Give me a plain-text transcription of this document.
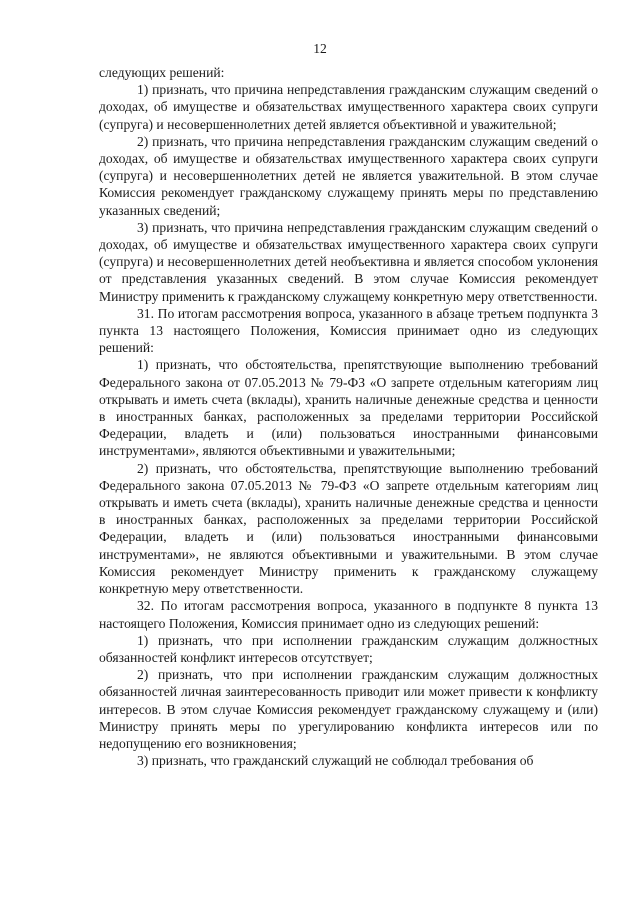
12

следующих решений:

1) признать, что причина непредставления гражданским служащим сведений о доходах, об имуществе и обязательствах имущественного характера своих супруги (супруга) и несовершеннолетних детей является объективной и уважительной;

2) признать, что причина непредставления гражданским служащим сведений о доходах, об имуществе и обязательствах имущественного характера своих супруги (супруга) и несовершеннолетних детей не является уважительной. В этом случае Комиссия рекомендует гражданскому служащему принять меры по представлению указанных сведений;

3) признать, что причина непредставления гражданским служащим сведений о доходах, об имуществе и обязательствах имущественного характера своих супруги (супруга) и несовершеннолетних детей необъективна и является способом уклонения от представления указанных сведений. В этом случае Комиссия рекомендует Министру применить к гражданскому служащему конкретную меру ответственности.

31. По итогам рассмотрения вопроса, указанного в абзаце третьем подпункта 3 пункта 13 настоящего Положения, Комиссия принимает одно из следующих решений:

1) признать, что обстоятельства, препятствующие выполнению требований Федерального закона от 07.05.2013 № 79-ФЗ «О запрете отдельным категориям лиц открывать и иметь счета (вклады), хранить наличные денежные средства и ценности в иностранных банках, расположенных за пределами территории Российской Федерации, владеть и (или) пользоваться иностранными финансовыми инструментами», являются объективными и уважительными;

2) признать, что обстоятельства, препятствующие выполнению требований Федерального закона 07.05.2013 № 79-ФЗ «О запрете отдельным категориям лиц открывать и иметь счета (вклады), хранить наличные денежные средства и ценности в иностранных банках, расположенных за пределами территории Российской Федерации, владеть и (или) пользоваться иностранными финансовыми инструментами», не являются объективными и уважительными. В этом случае Комиссия рекомендует Министру применить к гражданскому служащему конкретную меру ответственности.

32. По итогам рассмотрения вопроса, указанного в подпункте 8 пункта 13 настоящего Положения, Комиссия принимает одно из следующих решений:

1) признать, что при исполнении гражданским служащим должностных обязанностей конфликт интересов отсутствует;

2) признать, что при исполнении гражданским служащим должностных обязанностей личная заинтересованность приводит или может привести к конфликту интересов. В этом случае Комиссия рекомендует гражданскому служащему и (или) Министру принять меры по урегулированию конфликта интересов или по недопущению его возникновения;

3) признать, что гражданский служащий не соблюдал требования об
